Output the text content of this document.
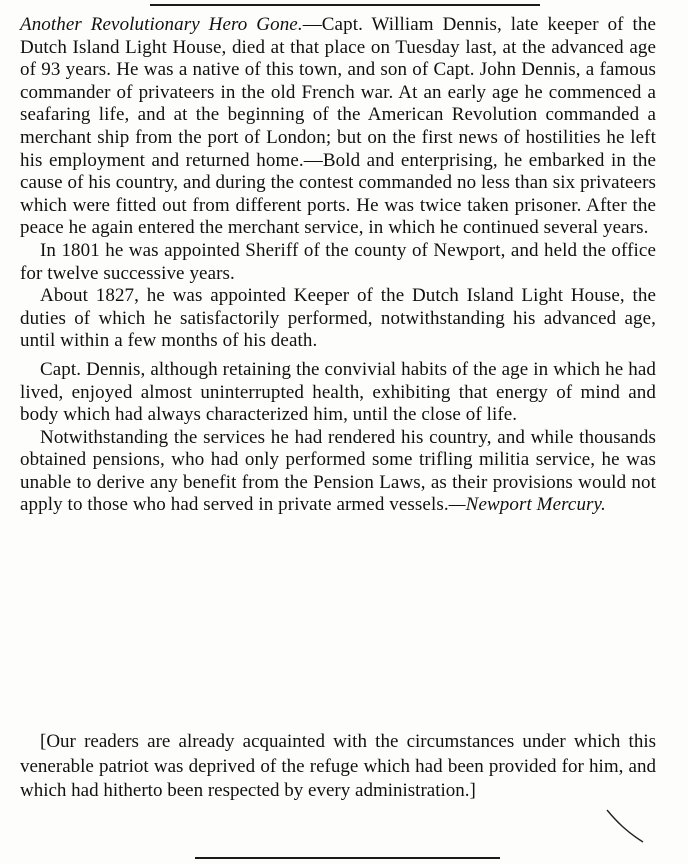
Another Revolutionary Hero Gone.—Capt. William Dennis, late keeper of the Dutch Island Light House, died at that place on Tuesday last, at the advanced age of 93 years. He was a native of this town, and son of Capt. John Dennis, a famous commander of privateers in the old French war. At an early age he commenced a seafaring life, and at the beginning of the American Revolution commanded a merchant ship from the port of London; but on the first news of hostilities he left his employment and returned home.—Bold and enterprising, he embarked in the cause of his country, and during the contest commanded no less than six privateers which were fitted out from different ports. He was twice taken prisoner. After the peace he again entered the merchant service, in which he continued several years.

In 1801 he was appointed Sheriff of the county of Newport, and held the office for twelve successive years.

About 1827, he was appointed Keeper of the Dutch Island Light House, the duties of which he satisfactorily performed, notwithstanding his advanced age, until within a few months of his death.

Capt. Dennis, although retaining the convivial habits of the age in which he had lived, enjoyed almost uninterrupted health, exhibiting that energy of mind and body which had always characterized him, until the close of life.

Notwithstanding the services he had rendered his country, and while thousands obtained pensions, who had only performed some trifling militia service, he was unable to derive any benefit from the Pension Laws, as their provisions would not apply to those who had served in private armed vessels.—Newport Mercury.

[Our readers are already acquainted with the circumstances under which this venerable patriot was deprived of the refuge which had been provided for him, and which had hitherto been respected by every administration.]
